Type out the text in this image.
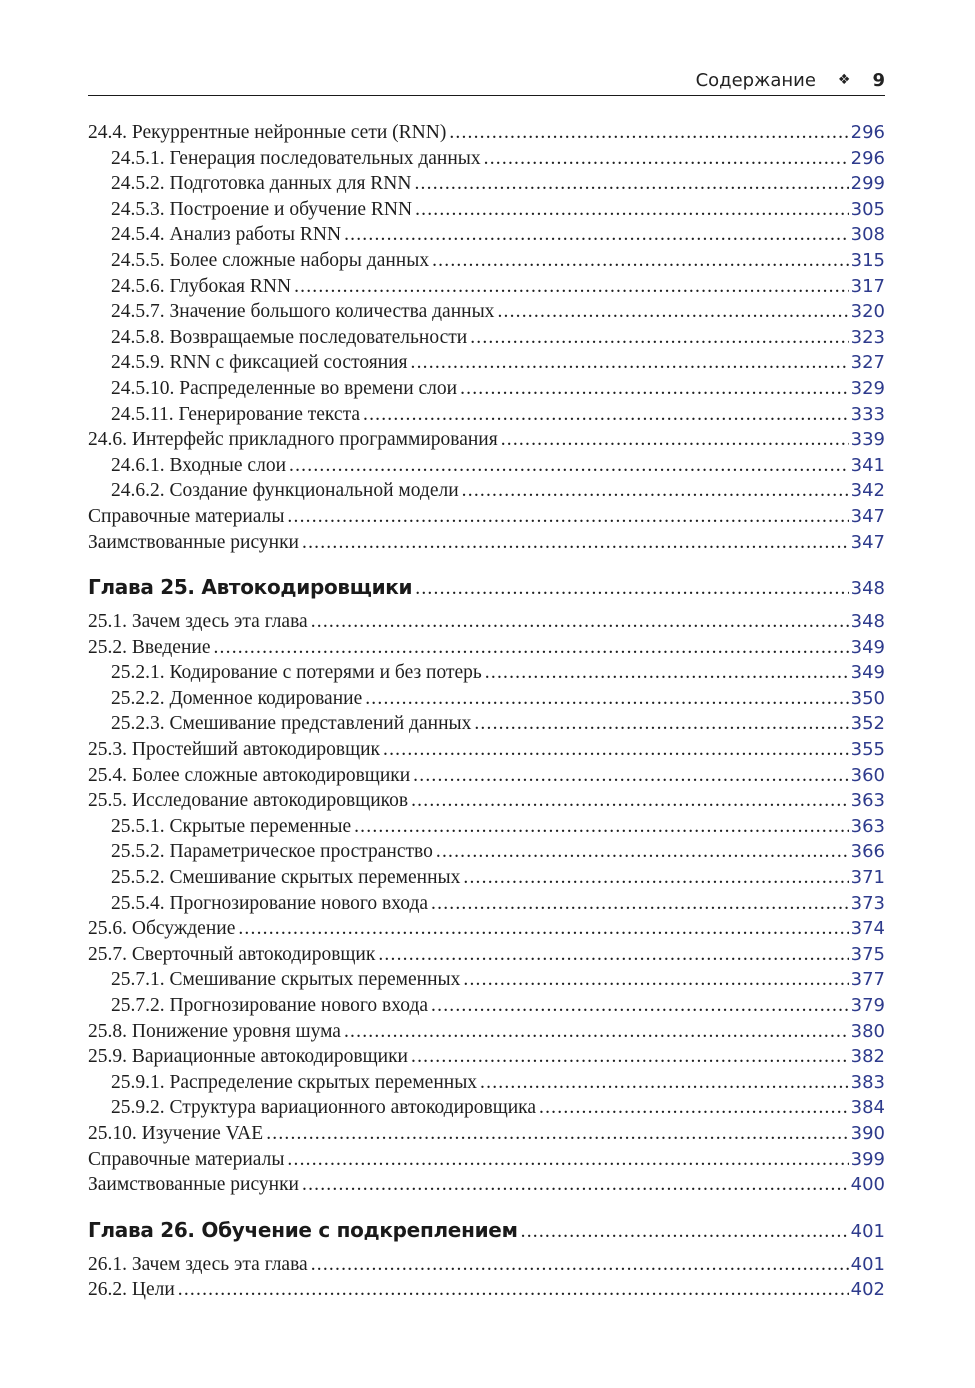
Содержание ❖ 9
24.4. Рекуррентные нейронные сети (RNN) .....	296
24.5.1. Генерация последовательных данных .....	296
24.5.2. Подготовка данных для RNN .....	299
24.5.3. Построение и обучение RNN .....	305
24.5.4. Анализ работы RNN .....	308
24.5.5. Более сложные наборы данных .....	315
24.5.6. Глубокая RNN .....	317
24.5.7. Значение большого количества данных .....	320
24.5.8. Возвращаемые последовательности .....	323
24.5.9. RNN с фиксацией состояния .....	327
24.5.10. Распределенные во времени слои .....	329
24.5.11. Генерирование текста .....	333
24.6. Интерфейс прикладного программирования .....	339
24.6.1. Входные слои .....	341
24.6.2. Создание функциональной модели .....	342
Справочные материалы .....	347
Заимствованные рисунки .....	347
Глава 25. Автокодировщики .....	348
25.1. Зачем здесь эта глава .....	348
25.2. Введение .....	349
25.2.1. Кодирование с потерями и без потерь .....	349
25.2.2. Доменное кодирование .....	350
25.2.3. Смешивание представлений данных .....	352
25.3. Простейший автокодировщик .....	355
25.4. Более сложные автокодировщики .....	360
25.5. Исследование автокодировщиков .....	363
25.5.1. Скрытые переменные .....	363
25.5.2. Параметрическое пространство .....	366
25.5.2. Смешивание скрытых переменных .....	371
25.5.4. Прогнозирование нового входа .....	373
25.6. Обсуждение .....	374
25.7. Сверточный автокодировщик .....	375
25.7.1. Смешивание скрытых переменных .....	377
25.7.2. Прогнозирование нового входа .....	379
25.8. Понижение уровня шума .....	380
25.9. Вариационные автокодировщики .....	382
25.9.1. Распределение скрытых переменных .....	383
25.9.2. Структура вариационного автокодировщика .....	384
25.10. Изучение VAE .....	390
Справочные материалы .....	399
Заимствованные рисунки .....	400
Глава 26. Обучение с подкреплением .....	401
26.1. Зачем здесь эта глава .....	401
26.2. Цели .....	402
